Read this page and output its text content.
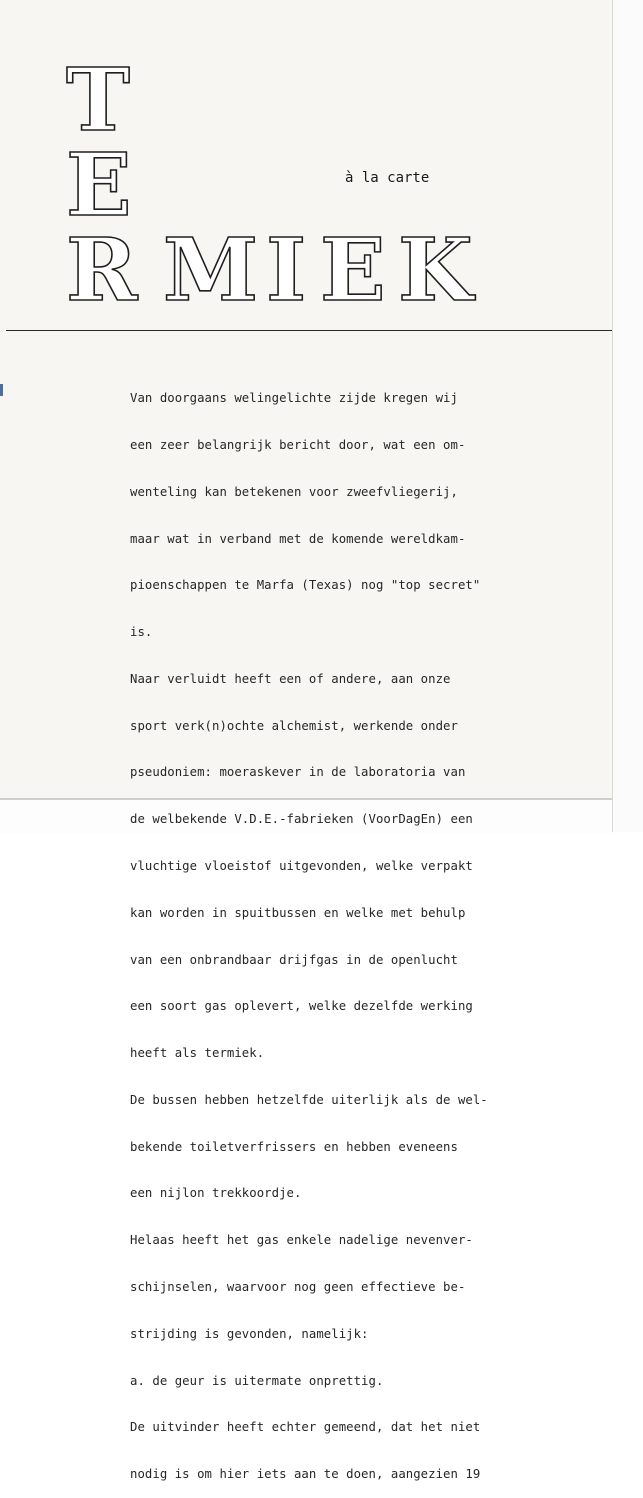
T
E
R M I E K
à la carte

Van doorgaans welingelichte zijde kregen wij

een zeer belangrijk bericht door, wat een om-

wenteling kan betekenen voor zweefvliegerij,

maar wat in verband met de komende wereldkam-

pioenschappen te Marfa (Texas) nog "top secret"

is.

Naar verluidt heeft een of andere, aan onze

sport verk(n)ochte alchemist, werkende onder

pseudoniem: moeraskever in de laboratoria van

de welbekende V.D.E.-fabrieken (VoorDagEn) een

vluchtige vloeistof uitgevonden, welke verpakt

kan worden in spuitbussen en welke met behulp

van een onbrandbaar drijfgas in de openlucht

een soort gas oplevert, welke dezelfde werking

heeft als termiek.

De bussen hebben hetzelfde uiterlijk als de wel-

bekende toiletverfrissers en hebben eveneens

een nijlon trekkoordje.

Helaas heeft het gas enkele nadelige nevenver-

schijnselen, waarvoor nog geen effectieve be-

strijding is gevonden, namelijk:

a. de geur is uitermate onprettig.

De uitvinder heeft echter gemeend, dat het niet

nodig is om hier iets aan te doen, aangezien 19
